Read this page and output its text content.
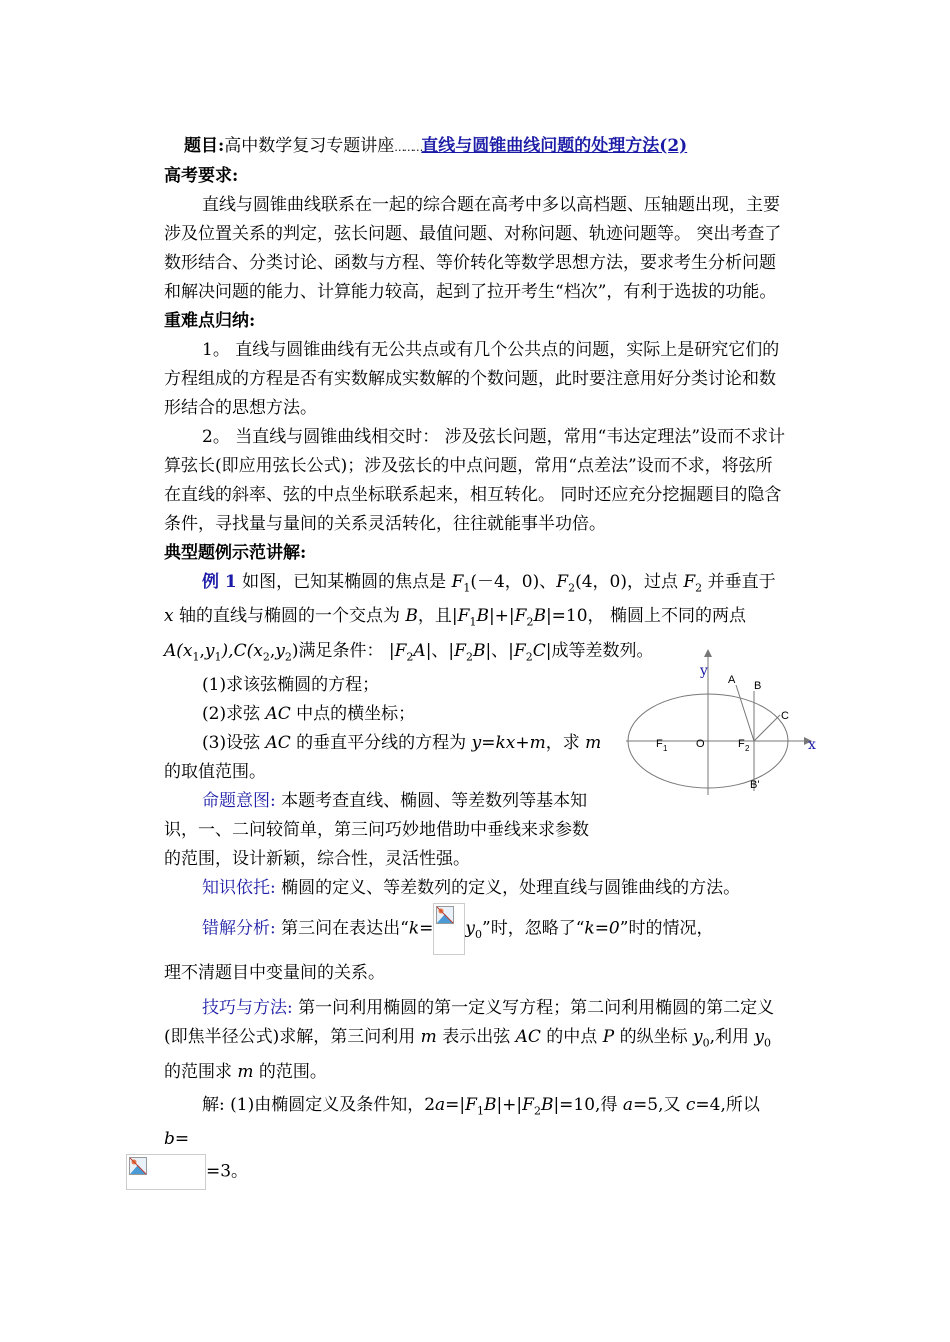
题目:高中数学复习专题讲座………直线与圆锥曲线问题的处理方法(2)

高考要求:

直线与圆锥曲线联系在一起的综合题在高考中多以高档题、压轴题出现，主要涉及位置关系的判定，弦长问题、最值问题、对称问题、轨迹问题等。 突出考查了数形结合、分类讨论、函数与方程、等价转化等数学思想方法，要求考生分析问题和解决问题的能力、计算能力较高，起到了拉开考生“档次”，有利于选拔的功能。

重难点归纳:

1。 直线与圆锥曲线有无公共点或有几个公共点的问题，实际上是研究它们的方程组成的方程是否有实数解成实数解的个数问题，此时要注意用好分类讨论和数形结合的思想方法。

2。 当直线与圆锥曲线相交时： 涉及弦长问题，常用“韦达定理法”设而不求计算弦长(即应用弦长公式)；涉及弦长的中点问题，常用“点差法”设而不求，将弦所在直线的斜率、弦的中点坐标联系起来，相互转化。 同时还应充分挖掘题目的隐含条件，寻找量与量间的关系灵活转化，往往就能事半功倍。

典型题例示范讲解:

例 1 如图，已知某椭圆的焦点是 $F_1(-4$，0)、$F_2(4$，0)，过点 $F_2$ 并垂直于 x 轴的直线与椭圆的一个交点为 B，且$|F_1B|+|F_2B|=10$， 椭圆上不同的两点
$A(x_1,y_1),C(x_2,y_2)$满足条件： $|F_2A|$、$|F_2B|$、$|F_2C|$成等差数列。

y
x
A B
C
O
F 1	F 2
B'

(1)求该弦椭圆的方程；

(2)求弦 AC 中点的横坐标；

(3)设弦 AC 的垂直平分线的方程为 y=kx+m，求 m
的取值范围。

命题意图: 本题考查直线、椭圆、等差数列等基本知识，一、二问较简单，第三问巧妙地借助中垂线来求参数的范围，设计新颖，综合性，灵活性强。

知识依托: 椭圆的定义、等差数列的定义，处理直线与圆锥曲线的方法。

错解分析: 第三问在表达出“$k= y_0$”时，忽略了“k=0”时的情况，

理不清题目中变量间的关系。

技巧与方法: 第一问利用椭圆的第一定义写方程；第二问利用椭圆的第二定义(即焦半径公式)求解，第三问利用 m 表示出弦 AC 的中点 P 的纵坐标 $y_0$,利用 $y_0$ 的范围求 m 的范围。

解: (1)由椭圆定义及条件知，$2a=|F_1B|+|F_2B|=10$,得 a=5,又 c=4,所以 b=

=3。
